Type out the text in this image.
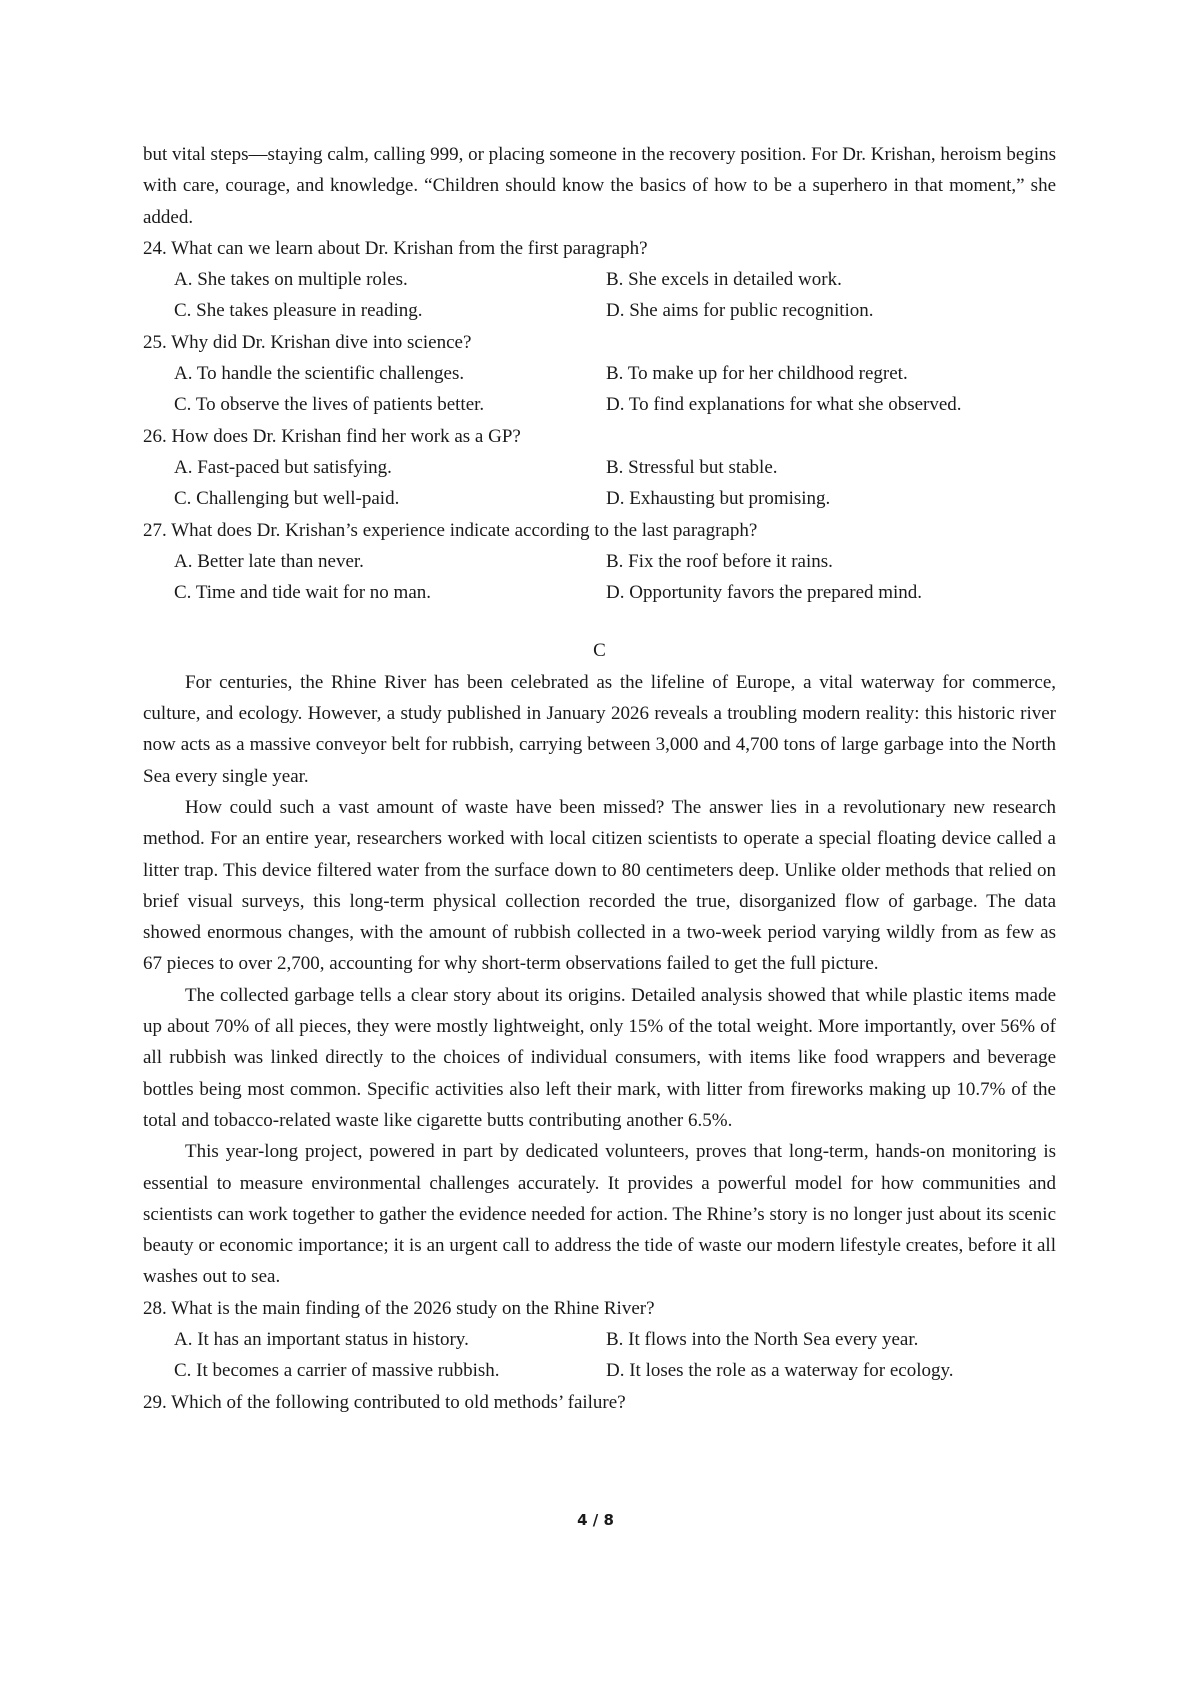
but vital steps—staying calm, calling 999, or placing someone in the recovery position. For Dr. Krishan, heroism begins with care, courage, and knowledge. “Children should know the basics of how to be a superhero in that moment,” she added.

24. What can we learn about Dr. Krishan from the first paragraph?

A. She takes on multiple roles.	B. She excels in detailed work.
C. She takes pleasure in reading.	D. She aims for public recognition.

25. Why did Dr. Krishan dive into science?

A. To handle the scientific challenges.	B. To make up for her childhood regret.
C. To observe the lives of patients better.	D. To find explanations for what she observed.

26. How does Dr. Krishan find her work as a GP?

A. Fast-paced but satisfying.	B. Stressful but stable.
C. Challenging but well-paid.	D. Exhausting but promising.

27. What does Dr. Krishan’s experience indicate according to the last paragraph?

A. Better late than never.	B. Fix the roof before it rains.
C. Time and tide wait for no man.	D. Opportunity favors the prepared mind.

C

For centuries, the Rhine River has been celebrated as the lifeline of Europe, a vital waterway for commerce, culture, and ecology. However, a study published in January 2026 reveals a troubling modern reality: this historic river now acts as a massive conveyor belt for rubbish, carrying between 3,000 and 4,700 tons of large garbage into the North Sea every single year.

How could such a vast amount of waste have been missed? The answer lies in a revolutionary new research method. For an entire year, researchers worked with local citizen scientists to operate a special floating device called a litter trap. This device filtered water from the surface down to 80 centimeters deep. Unlike older methods that relied on brief visual surveys, this long-term physical collection recorded the true, disorganized flow of garbage. The data showed enormous changes, with the amount of rubbish collected in a two-week period varying wildly from as few as 67 pieces to over 2,700, accounting for why short-term observations failed to get the full picture.

The collected garbage tells a clear story about its origins. Detailed analysis showed that while plastic items made up about 70% of all pieces, they were mostly lightweight, only 15% of the total weight. More importantly, over 56% of all rubbish was linked directly to the choices of individual consumers, with items like food wrappers and beverage bottles being most common. Specific activities also left their mark, with litter from fireworks making up 10.7% of the total and tobacco-related waste like cigarette butts contributing another 6.5%.

This year-long project, powered in part by dedicated volunteers, proves that long-term, hands-on monitoring is essential to measure environmental challenges accurately. It provides a powerful model for how communities and scientists can work together to gather the evidence needed for action. The Rhine’s story is no longer just about its scenic beauty or economic importance; it is an urgent call to address the tide of waste our modern lifestyle creates, before it all washes out to sea.

28. What is the main finding of the 2026 study on the Rhine River?

A. It has an important status in history.	B. It flows into the North Sea every year.
C. It becomes a carrier of massive rubbish.	D. It loses the role as a waterway for ecology.

29. Which of the following contributed to old methods’ failure?

4 / 8
